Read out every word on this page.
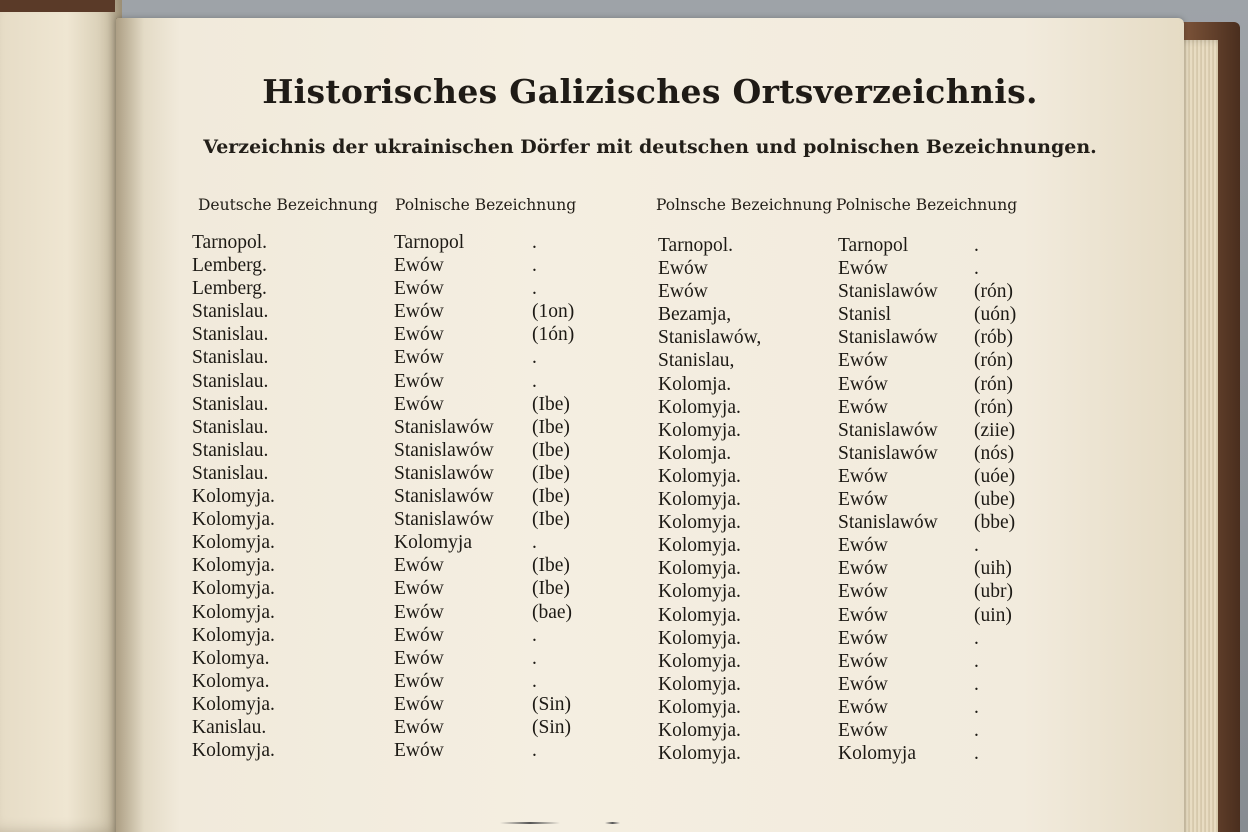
Historisches Galizisches Ortsverzeichnis.
Verzeichnis der ukrainischen Dörfer mit deutschen und polnischen Bezeichnungen.
Deutsche Bezeichnung Polnische Bezeichnung	Polnsche Bezeichnung Polnische Bezeichnung
Tarnopol.	Tarnopol	.
Lemberg.	Ewów	.
Lemberg.	Ewów	.
Stanislau.	Ewów	(1on)
Stanislau.	Ewów	(1ón)
Stanislau.	Ewów	.
Stanislau.	Ewów	.
Stanislau.	Ewów	(Ibe)
Stanislau.	Stanislawów (Ibe)
Stanislau.	Stanislawów (Ibe)
Stanislau.	Stanislawów (Ibe)
Kolomyja.	Stanislawów (Ibe)
Kolomyja.	Stanislawów (Ibe)
Kolomyja.	Kolomyja	.
Kolomyja.	Ewów	(Ibe)
Kolomyja.	Ewów	(Ibe)
Kolomyja.	Ewów	(bae)
Kolomyja.	Ewów	.
Kolomya.	Ewów	.
Kolomya.	Ewów	.
Kolomyja.	Ewów	(Sin)
Kanislau.	Ewów	(Sin)
Kolomyja.	Ewów	.
Tarnopol.	Tarnopol	.
Ewów	Ewów	.
Ewów	Stanislawów (rón)
Bezamja,	Stanisl	(uón)
Stanislawów,	Stanislawów (rób)
Stanislau,	Ewów	(rón)
Kolomja.	Ewów	(rón)
Kolomyja.	Ewów	(rón)
Kolomyja.	Stanislawów (ziie)
Kolomja.	Stanislawów (nós)
Kolomyja.	Ewów	(uóe)
Kolomyja.	Ewów	(ube)
Kolomyja.	Stanislawów (bbe)
Kolomyja.	Ewów	.
Kolomyja.	Ewów	(uih)
Kolomyja.	Ewów	(ubr)
Kolomyja.	Ewów	(uin)
Kolomyja.	Ewów	.
Kolomyja.	Ewów	.
Kolomyja.	Ewów	.
Kolomyja.	Ewów	.
Kolomyja.	Ewów	.
Kolomyja.	Kolomyja	.
